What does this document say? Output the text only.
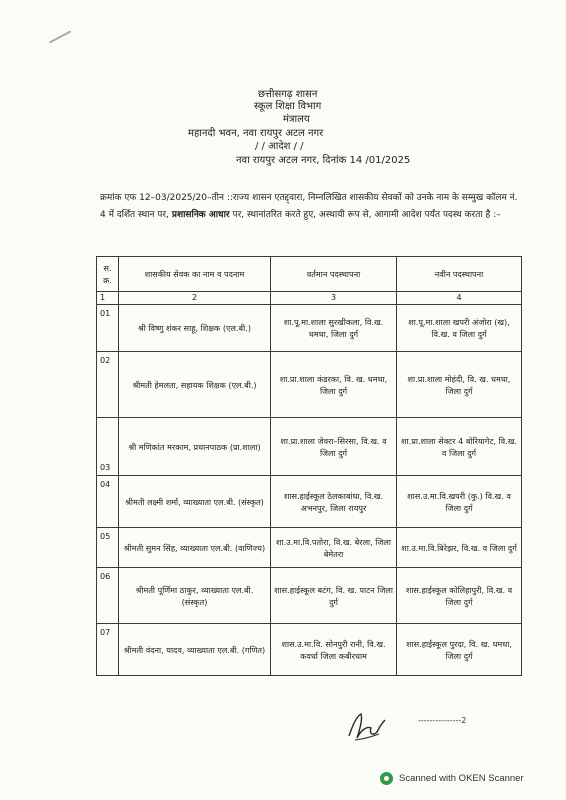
छत्तीसगढ़ शासन
स्कूल शिक्षा विभाग
मंत्रालय
महानदी भवन, नवा रायपुर अटल नगर
/ / आदेश / /
नवा रायपुर अटल नगर, दिनांक 14 /01/2025
क्रमांक एफ 12–03/2025/20–तीन ::राज्य शासन एतद्द्वारा, निम्नलिखित शासकीय सेवकों को उनके नाम के सम्मुख कॉलम नं. 4 में दर्शित स्थान पर, प्रशासनिक आधार पर, स्थानांतरित करते हुए, अस्थायी रूप से, आगामी आदेश पर्यंत पदस्थ करता है :–
स. क्र.	शासकीय सेवक का नाम व पदनाम	वर्तमान पदस्थापना	नवीन पदस्थापना
1	2	3	4
01	श्री विष्णु शंकर साहू, शिक्षक (एल.बी.)	शा.पू.मा.शाला सुरखीकला, वि.ख. धमधा, जिला दुर्ग	शा.पू.मा.शाला खपरी अंजोरा (ख), वि.ख. व जिला दुर्ग
02	श्रीमती हेमलता, सहायक शिक्षक (एल.बी.)	शा.प्रा.शाला कंडरका, वि. ख. धमधा, जिला दुर्ग	शा.प्रा.शाला मोहंदी, वि. ख. धमधा, जिला दुर्ग
03	श्री मणिकांत मरकाम, प्रधानपाठक (प्रा.शाला)	शा.प्रा.शाला जेवरा–सिरसा, वि.ख. व जिला दुर्ग	शा.प्रा.शाला सेक्टर 4 बोरियागेट, वि.ख. व जिला दुर्ग
04	श्रीमती लक्ष्मी शर्मा, व्याख्याता एल.बी. (संस्कृत)	शास.हाईस्कूल ठेलकाबांधा, वि.ख. अभनपुर, जिला रायपुर	शास.उ.मा.वि.खपरी (कु.) वि.ख. व जिला दुर्ग
05	श्रीमती सुमन सिंह, व्याख्याता एल.बी. (वाणिज्य)	शा.उ.मा.वि.पतोरा, वि.ख. बेरला, जिला बेमेतरा	शा.उ.मा.वि.बिरेझर, वि.ख. व जिला दुर्ग
06	श्रीमती पूर्णिमा ठाकुर, व्याख्याता एल.बी. (संस्कृत)	शास.हाईस्कूल बटंग, वि. ख. पाटन जिला दुर्ग	शास.हाईस्कूल कोलिहापुरी, वि.ख. व जिला दुर्ग
07	श्रीमती वंदना, यादव, व्याख्याता एल.बी. (गणित)	शास.उ.मा.वि. सोनपुरी रानी, वि.ख. कवर्धा जिला कबीरधाम	शास.हाईस्कूल पुरदा, वि. ख. धमधा, जिला दुर्ग
---------------2
Scanned with OKEN Scanner
